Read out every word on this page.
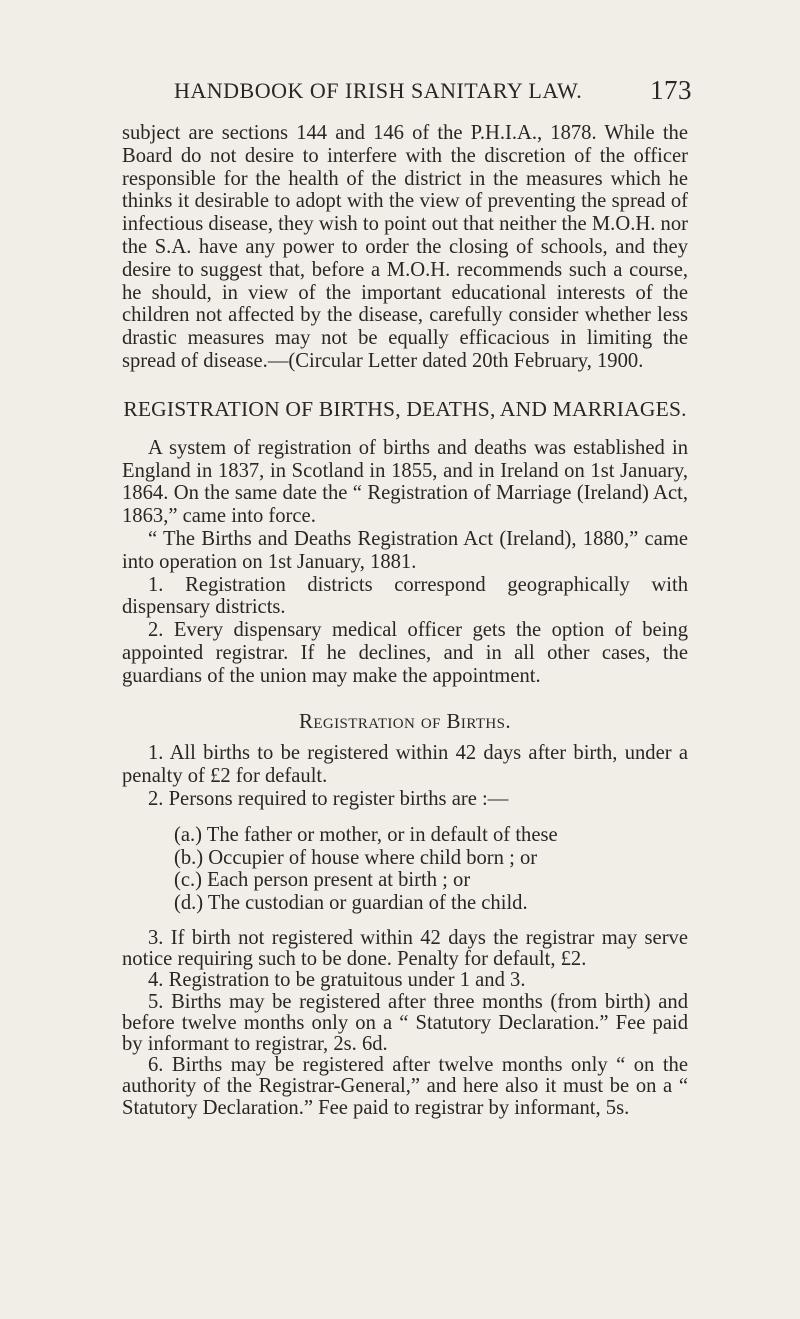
HANDBOOK OF IRISH SANITARY LAW.	173

subject are sections 144 and 146 of the P.H.I.A., 1878. While the Board do not desire to interfere with the discretion of the officer responsible for the health of the district in the measures which he thinks it desirable to adopt with the view of preventing the spread of infectious disease, they wish to point out that neither the M.O.H. nor the S.A. have any power to order the closing of schools, and they desire to suggest that, before a M.O.H. recommends such a course, he should, in view of the important educational interests of the children not affected by the disease, carefully consider whether less drastic measures may not be equally efficacious in limiting the spread of disease.—(Circular Letter dated 20th February, 1900.

REGISTRATION OF BIRTHS, DEATHS, AND MARRIAGES.

A system of registration of births and deaths was established in England in 1837, in Scotland in 1855, and in Ireland on 1st January, 1864. On the same date the “ Registration of Marriage (Ireland) Act, 1863,” came into force.

“ The Births and Deaths Registration Act (Ireland), 1880,” came into operation on 1st January, 1881.

1. Registration districts correspond geographically with dispensary districts.

2. Every dispensary medical officer gets the option of being appointed registrar. If he declines, and in all other cases, the guardians of the union may make the appointment.

Registration of Births.

1. All births to be registered within 42 days after birth, under a penalty of £2 for default.

2. Persons required to register births are :—

(a.) The father or mother, or in default of these

(b.) Occupier of house where child born ; or

(c.) Each person present at birth ; or

(d.) The custodian or guardian of the child.

3. If birth not registered within 42 days the registrar may serve notice requiring such to be done. Penalty for default, £2.

4. Registration to be gratuitous under 1 and 3.

5. Births may be registered after three months (from birth) and before twelve months only on a “ Statutory Declaration.” Fee paid by informant to registrar, 2s. 6d.

6. Births may be registered after twelve months only “ on the authority of the Registrar-General,” and here also it must be on a “ Statutory Declaration.” Fee paid to registrar by informant, 5s.
